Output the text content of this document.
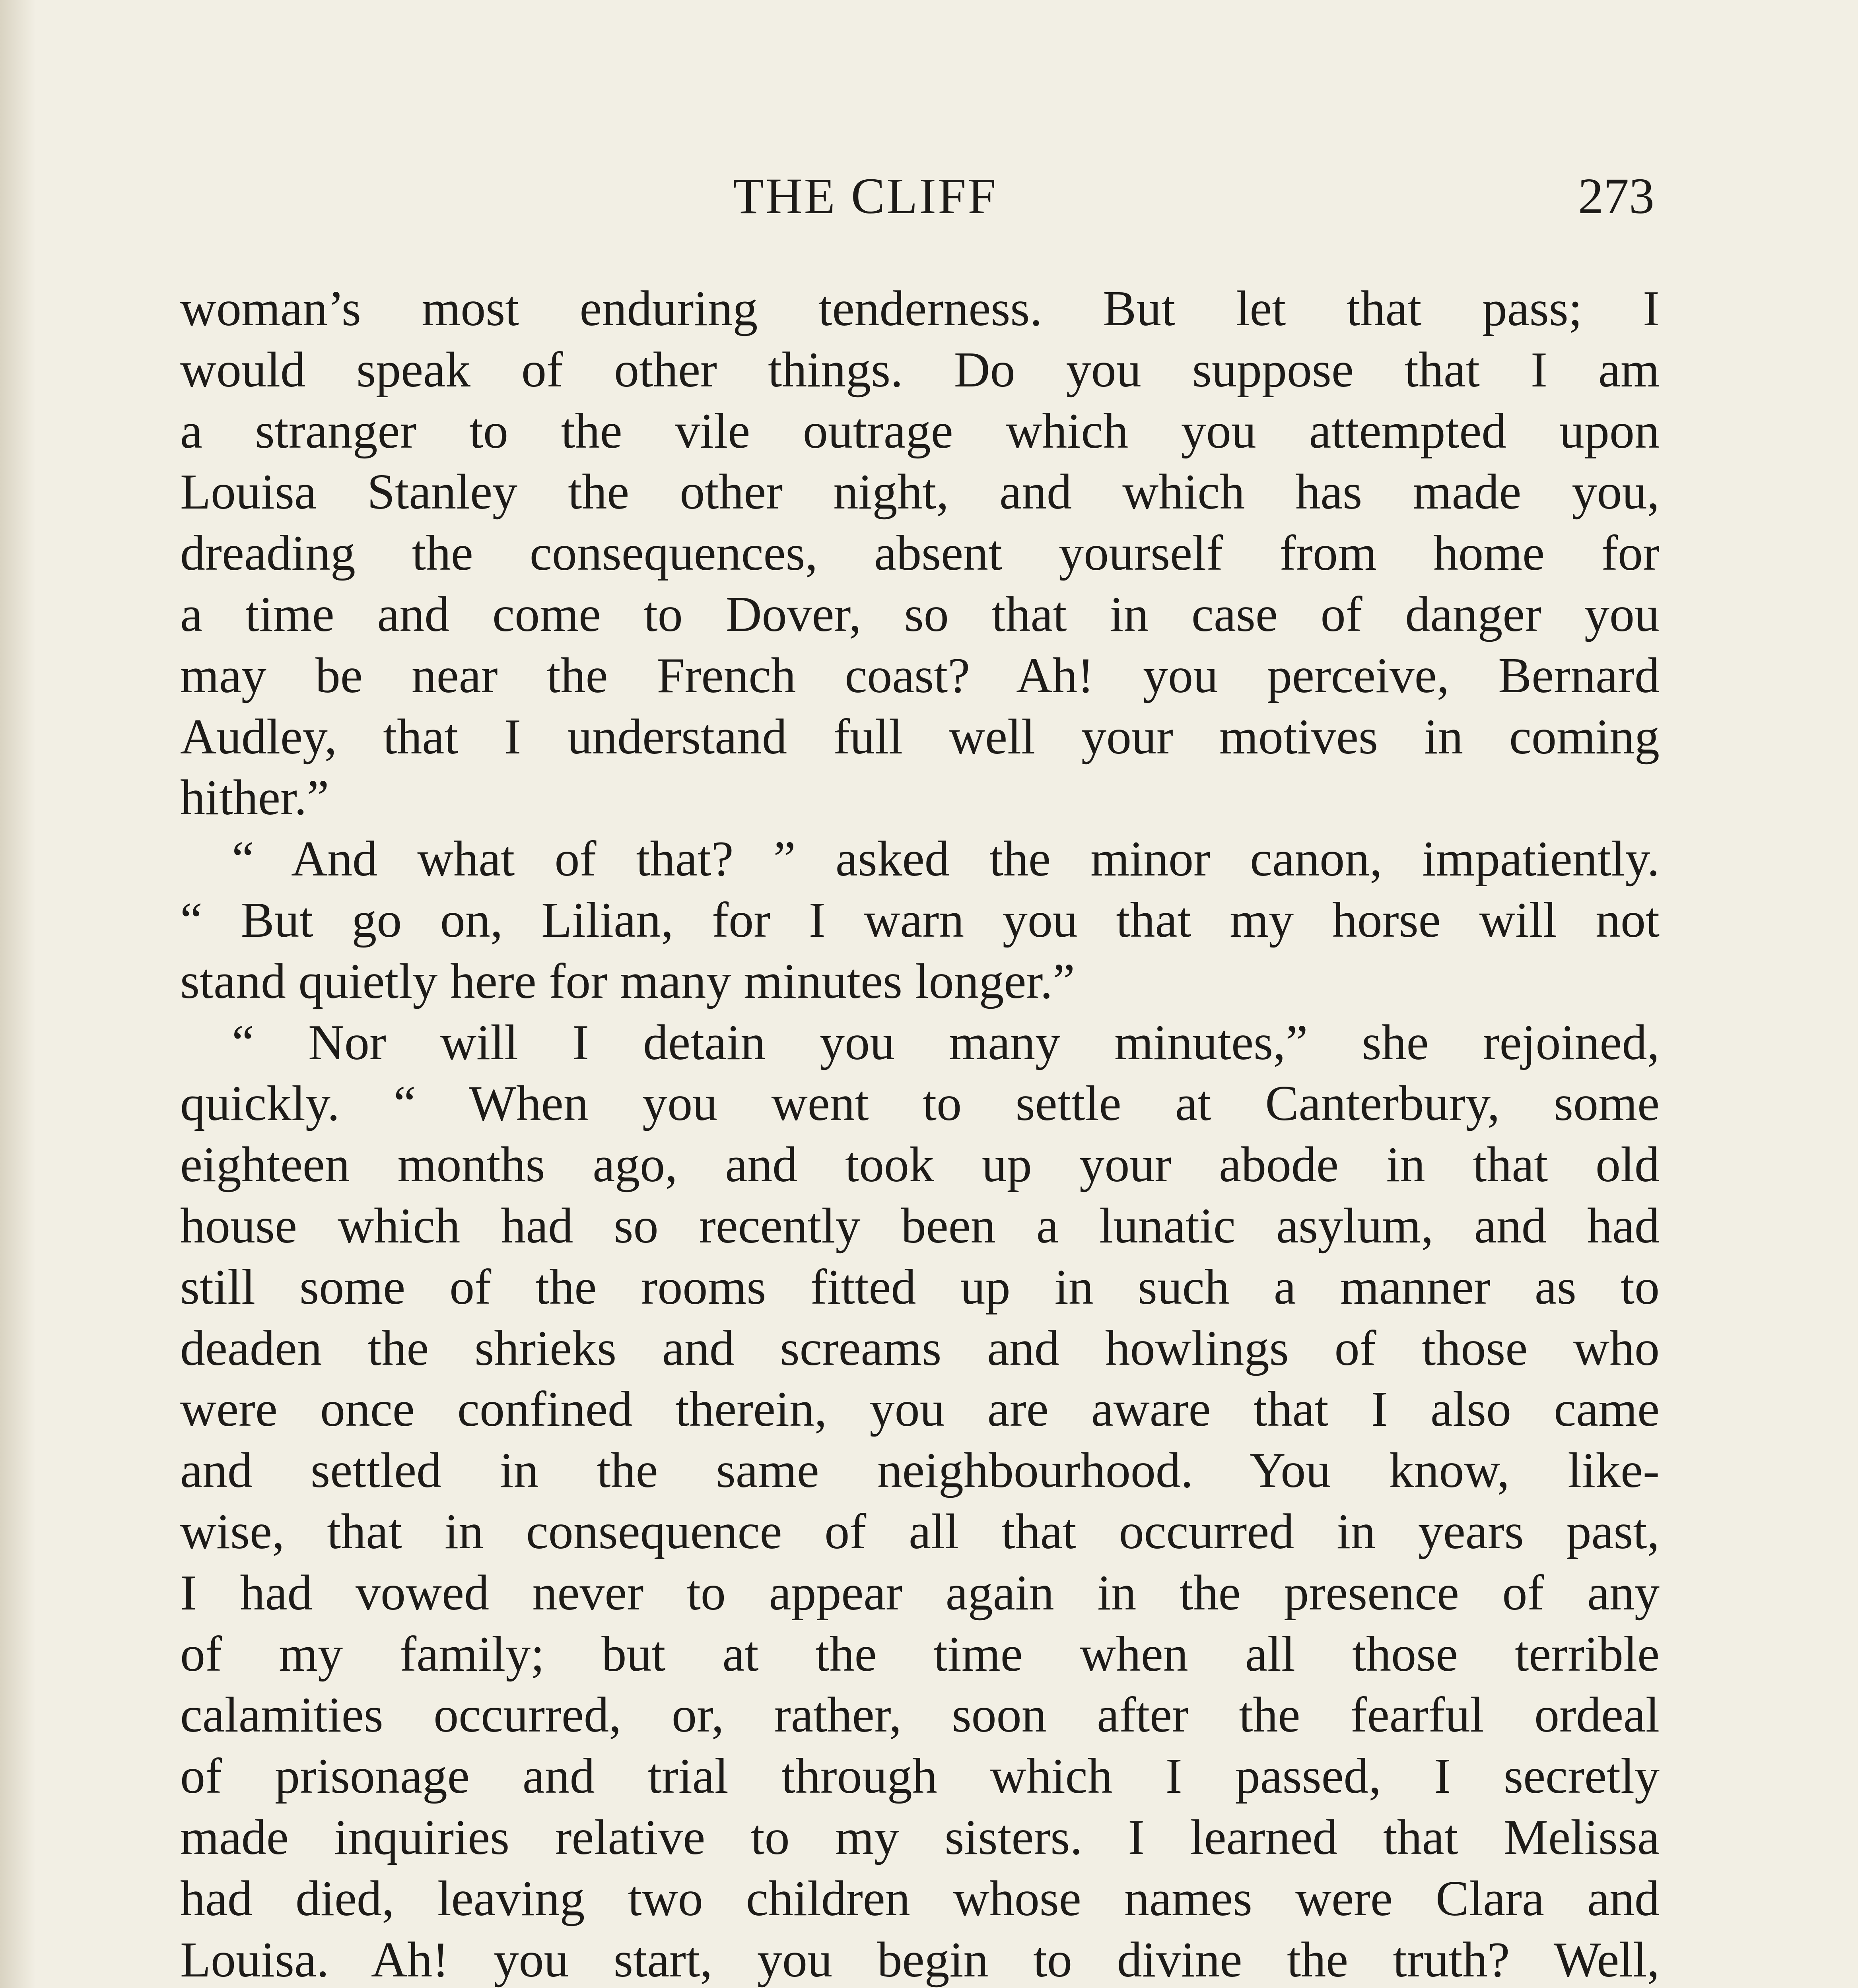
THE CLIFF	273
woman’s most enduring tenderness. But let that pass; I
would speak of other things. Do you suppose that I am
a stranger to the vile outrage which you attempted upon
Louisa Stanley the other night, and which has made you,
dreading the consequences, absent yourself from home for
a time and come to Dover, so that in case of danger you
may be near the French coast? Ah! you perceive, Bernard
Audley, that I understand full well your motives in coming
hither.”
“ And what of that? ” asked the minor canon, impatiently.
“ But go on, Lilian, for I warn you that my horse will not
stand quietly here for many minutes longer.”
“ Nor will I detain you many minutes,” she rejoined,
quickly. “ When you went to settle at Canterbury, some
eighteen months ago, and took up your abode in that old
house which had so recently been a lunatic asylum, and had
still some of the rooms fitted up in such a manner as to
deaden the shrieks and screams and howlings of those who
were once confined therein, you are aware that I also came
and settled in the same neighbourhood. You know, like-
wise, that in consequence of all that occurred in years past,
I had vowed never to appear again in the presence of any
of my family; but at the time when all those terrible
calamities occurred, or, rather, soon after the fearful ordeal
of prisonage and trial through which I passed, I secretly
made inquiries relative to my sisters. I learned that Melissa
had died, leaving two children whose names were Clara and
Louisa. Ah! you start, you begin to divine the truth? Well,
